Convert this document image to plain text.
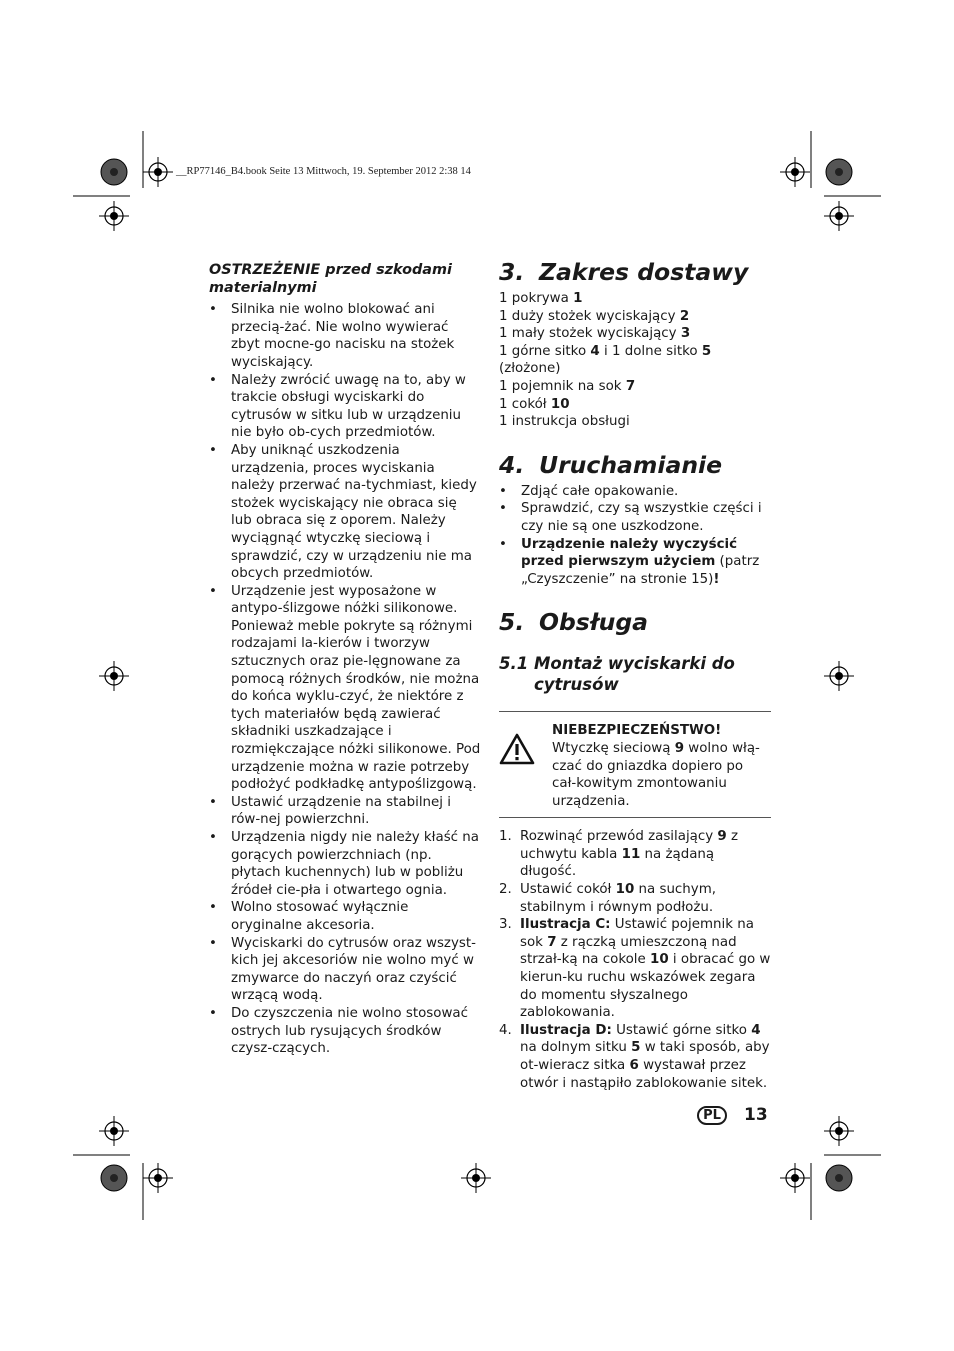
__RP77146_B4.book Seite 13 Mittwoch, 19. September 2012 2:38 14
OSTRZEŻENIE przed szkodami materialnymi
• Silnika nie wolno blokować ani przecią-żać. Nie wolno wywierać zbyt mocne-go nacisku na stożek wyciskający.
• Należy zwrócić uwagę na to, aby w trakcie obsługi wyciskarki do cytrusów w sitku lub w urządzeniu nie było ob-cych przedmiotów.
• Aby uniknąć uszkodzenia urządzenia, proces wyciskania należy przerwać na-tychmiast, kiedy stożek wyciskający nie obraca się lub obraca się z oporem. Należy wyciągnąć wtyczkę sieciową i sprawdzić, czy w urządzeniu nie ma obcych przedmiotów.
• Urządzenie jest wyposażone w antypo-ślizgowe nóżki silikonowe. Ponieważ meble pokryte są różnymi rodzajami la-kierów i tworzyw sztucznych oraz pie-lęgnowane za pomocą różnych środków, nie można do końca wyklu-czyć, że niektóre z tych materiałów będą zawierać składniki uszkadzające i rozmiękczające nóżki silikonowe. Pod urządzenie można w razie potrzeby podłożyć podkładkę antypoślizgową.
• Ustawić urządzenie na stabilnej i rów-nej powierzchni.
• Urządzenia nigdy nie należy kłaść na gorących powierzchniach (np. płytach kuchennych) lub w pobliżu źródeł cie-pła i otwartego ognia.
• Wolno stosować wyłącznie oryginalne akcesoria.
• Wyciskarki do cytrusów oraz wszyst-kich jej akcesoriów nie wolno myć w zmywarce do naczyń oraz czyścić wrzącą wodą.
• Do czyszczenia nie wolno stosować ostrych lub rysujących środków czysz-czących.
3. Zakres dostawy
1 pokrywa 1
1 duży stożek wyciskający 2
1 mały stożek wyciskający 3
1 górne sitko 4 i 1 dolne sitko 5 (złożone)
1 pojemnik na sok 7
1 cokół 10
1 instrukcja obsługi
4. Uruchamianie
• Zdjąć całe opakowanie.
• Sprawdzić, czy są wszystkie części i czy nie są one uszkodzone.
• Urządzenie należy wyczyścić przed pierwszym użyciem (patrz „Czyszczenie” na stronie 15)!
5. Obsługa
5.1 Montaż wyciskarki do cytrusów
NIEBEZPIECZEŃSTWO!
Wtyczkę sieciową 9 wolno włą-czać do gniazdka dopiero po cał-kowitym zmontowaniu urządzenia.
1. Rozwinąć przewód zasilający 9 z uchwytu kabla 11 na żądaną długość.
2. Ustawić cokół 10 na suchym, stabilnym i równym podłożu.
3. Ilustracja C: Ustawić pojemnik na sok 7 z rączką umieszczoną nad strzał-ką na cokole 10 i obracać go w kierun-ku ruchu wskazówek zegara do momentu słyszalnego zablokowania.
4. Ilustracja D: Ustawić górne sitko 4 na dolnym sitku 5 w taki sposób, aby ot-wieracz sitka 6 wystawał przez otwór i nastąpiło zablokowanie sitek.
PL	13
